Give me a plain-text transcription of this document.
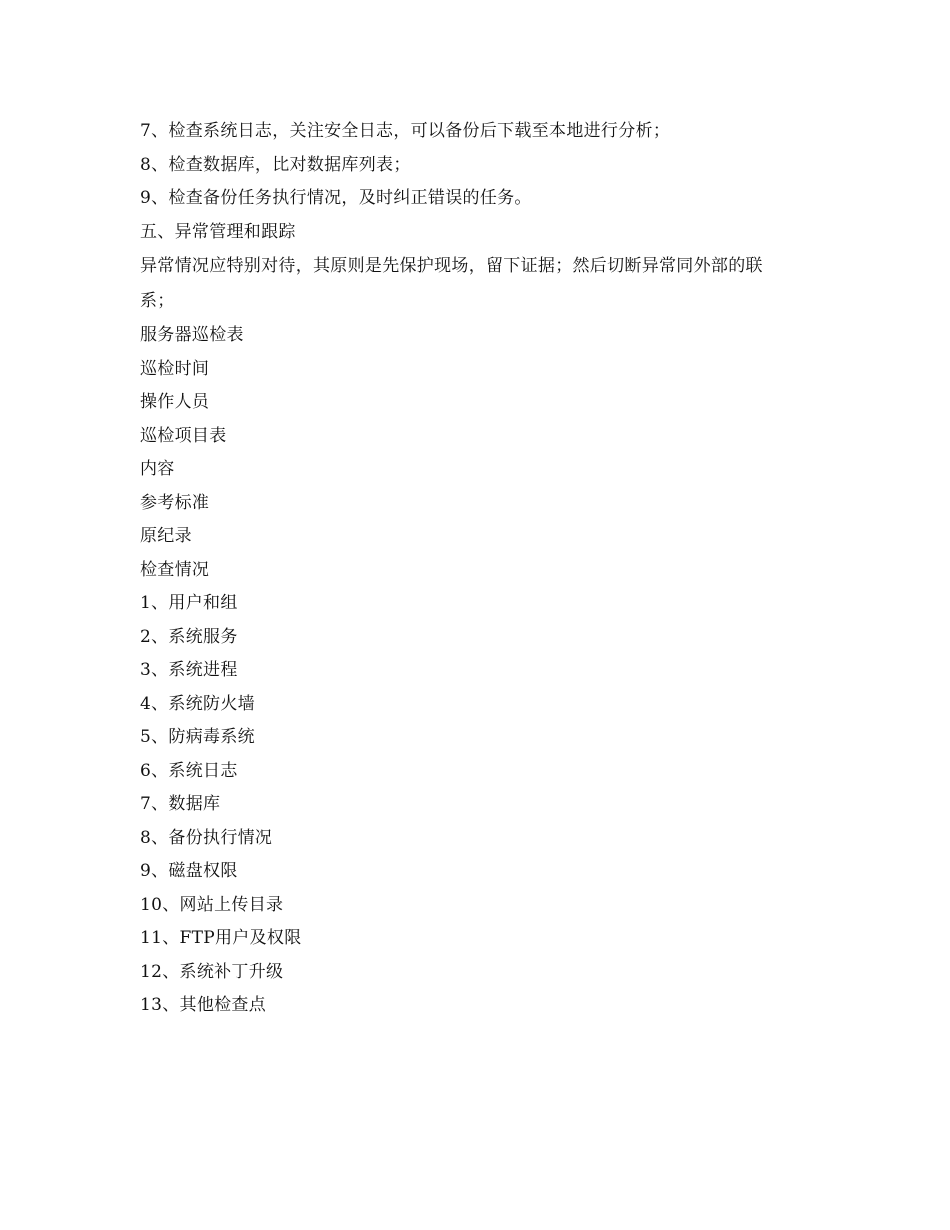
7、检查系统日志，关注安全日志，可以备份后下载至本地进行分析；
8、检查数据库，比对数据库列表；
9、检查备份任务执行情况，及时纠正错误的任务。
五、异常管理和跟踪
异常情况应特别对待，其原则是先保护现场，留下证据；然后切断异常同外部的联
系；
服务器巡检表
巡检时间
操作人员
巡检项目表
内容
参考标准
原纪录
检查情况
1、用户和组
2、系统服务
3、系统进程
4、系统防火墙
5、防病毒系统
6、系统日志
7、数据库
8、备份执行情况
9、磁盘权限
10、网站上传目录
11、FTP用户及权限
12、系统补丁升级
13、其他检查点
